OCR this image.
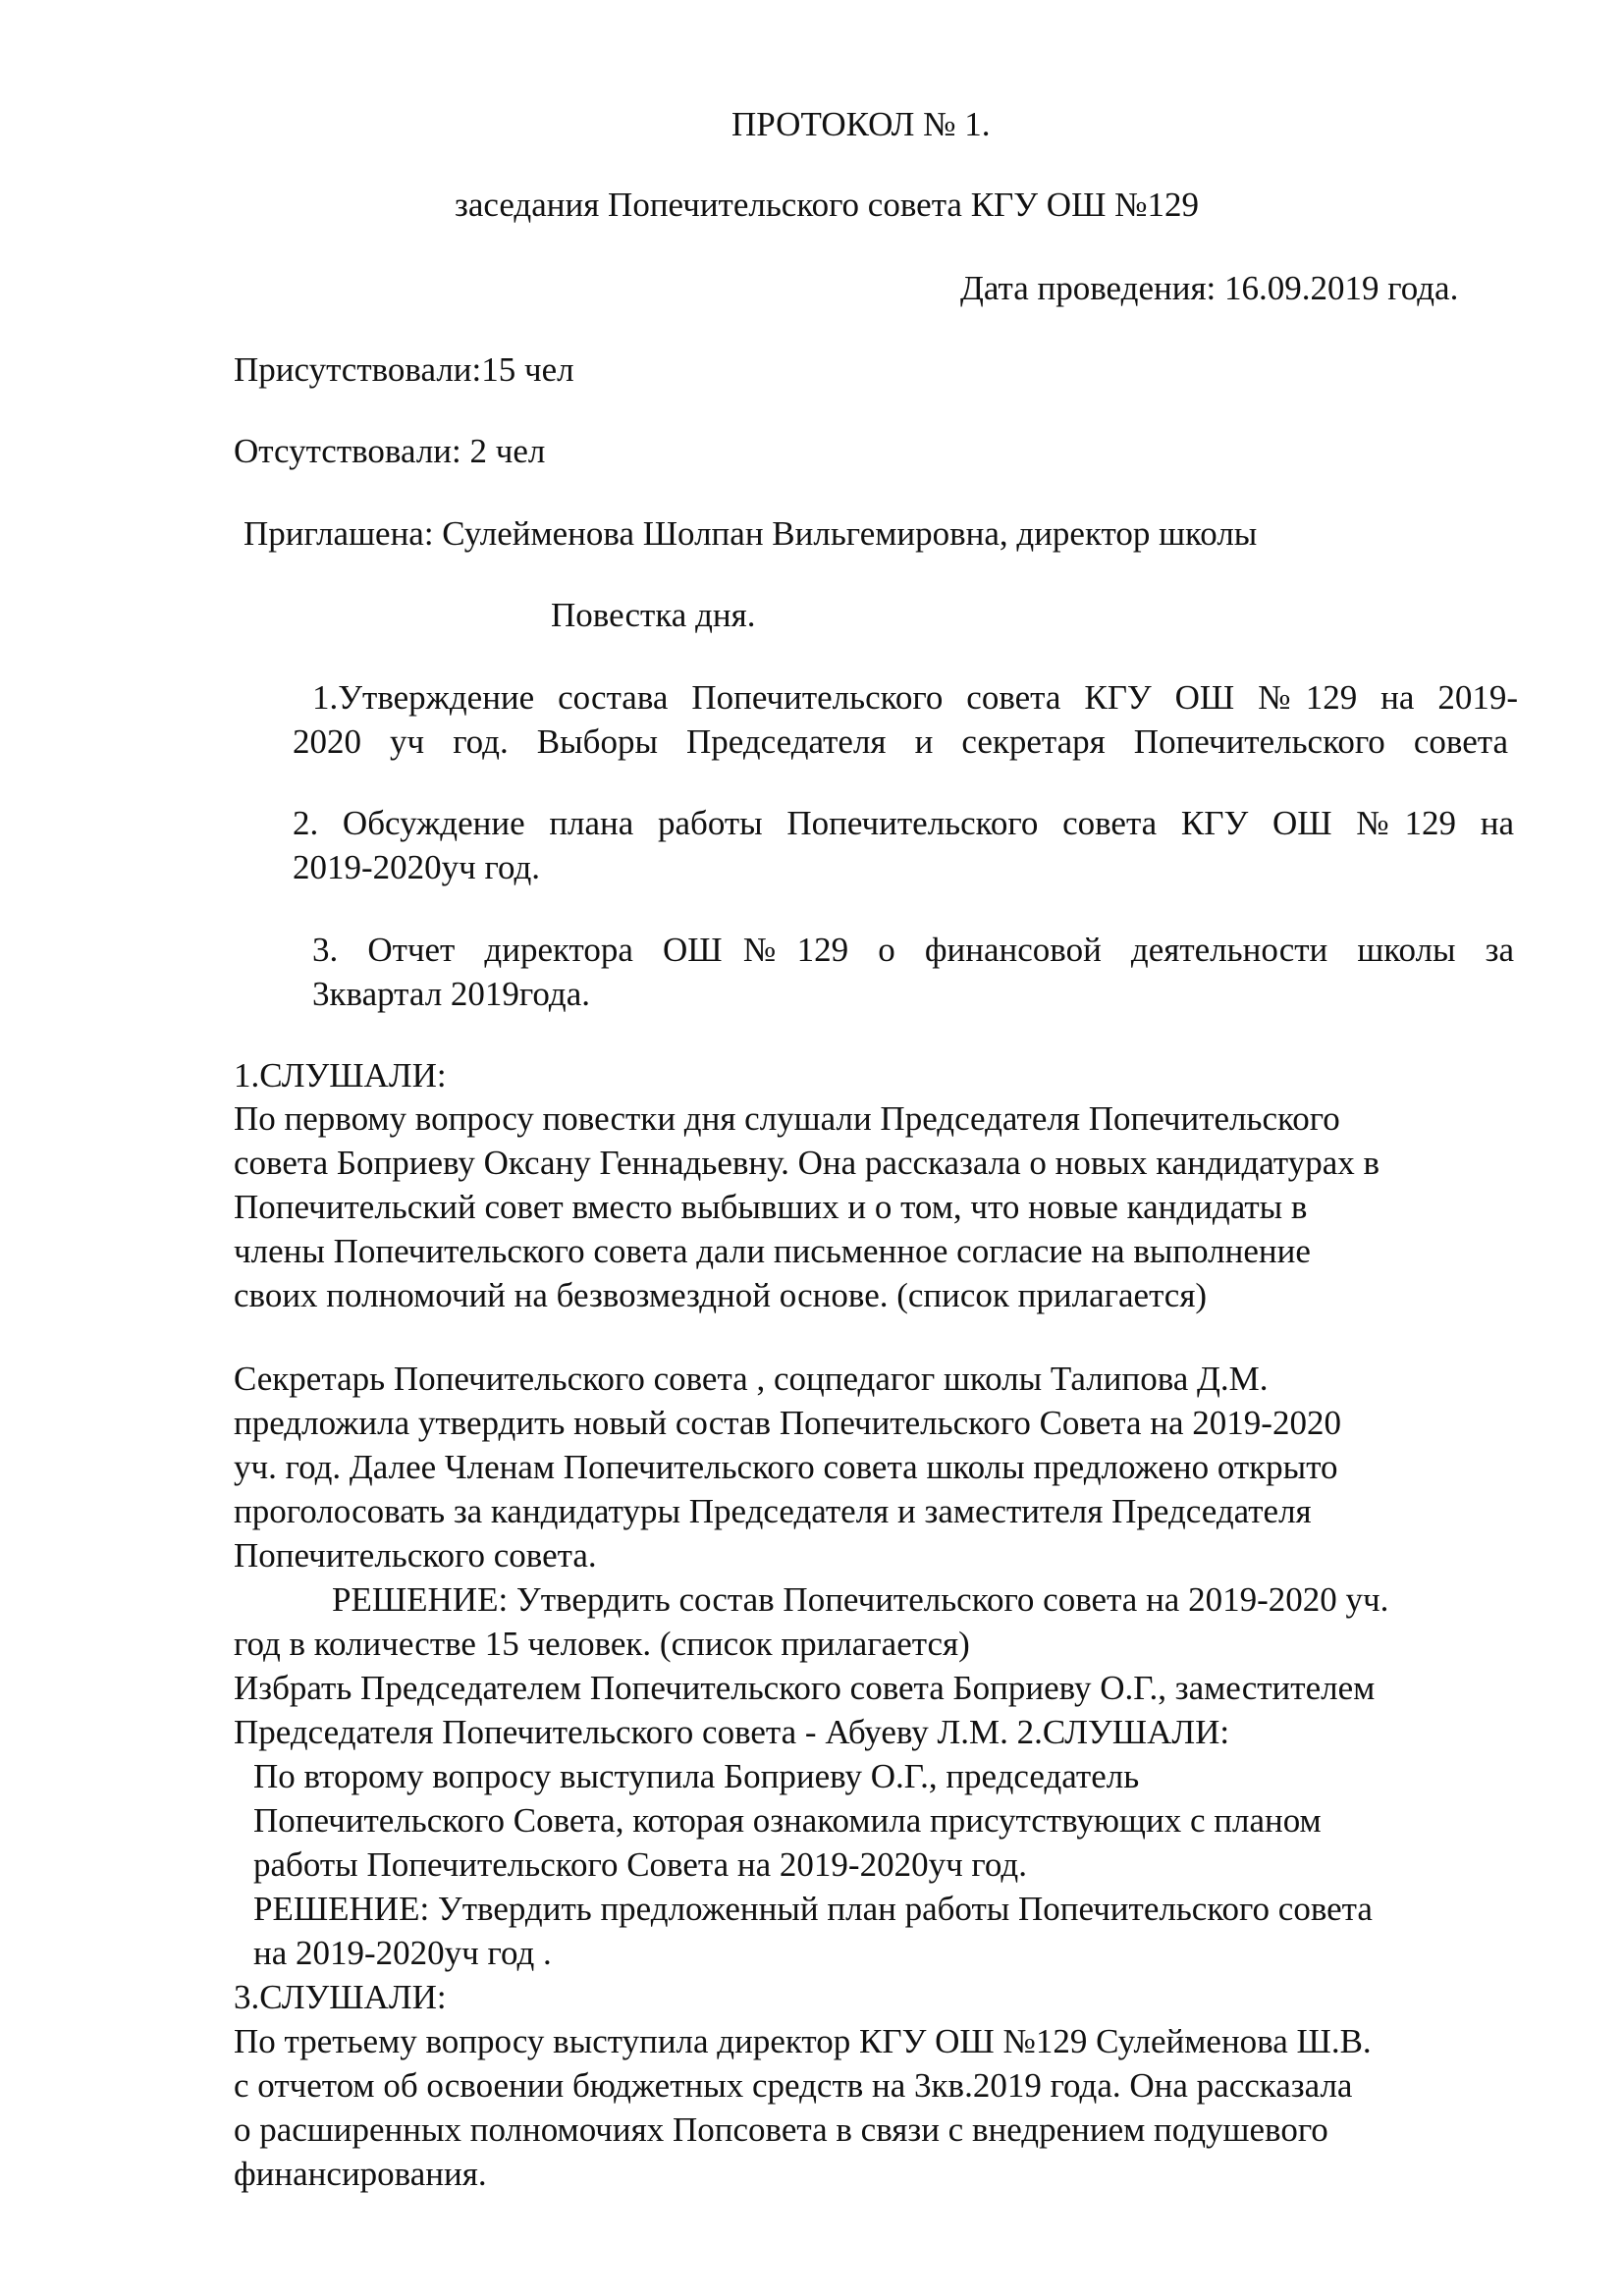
ПРОТОКОЛ № 1.
заседания Попечительского совета КГУ ОШ №129
Дата проведения: 16.09.2019 года.
Присутствовали:15 чел
Отсутствовали: 2 чел
Приглашена: Сулейменова Шолпан Вильгемировна, директор школы
Повестка дня.
1.Утверждение состава Попечительского совета КГУ ОШ №129 на 2019-
2020 уч год. Выборы Председателя и секретаря Попечительского совета
2. Обсуждение плана работы Попечительского совета КГУ ОШ №129 на
2019-2020уч год.
3. Отчет директора ОШ№129 о финансовой деятельности школы за
3квартал 2019года.
1.СЛУШАЛИ:
По первому вопросу повестки дня слушали Председателя Попечительского
совета Боприеву Оксану Геннадьевну. Она рассказала о новых кандидатурах в
Попечительский совет вместо выбывших и о том, что новые кандидаты в
члены Попечительского совета дали письменное согласие на выполнение
своих полномочий на безвозмездной основе. (список прилагается)
Секретарь Попечительского совета , соцпедагог школы Талипова Д.М.
предложила утвердить новый состав Попечительского Совета на 2019-2020
уч. год. Далее Членам Попечительского совета школы предложено открыто
проголосовать за кандидатуры Председателя и заместителя Председателя
Попечительского совета.
РЕШЕНИЕ: Утвердить состав Попечительского совета на 2019-2020 уч.
год в количестве 15 человек. (список прилагается)
Избрать Председателем Попечительского совета Боприеву О.Г., заместителем
Председателя Попечительского совета - Абуеву Л.М. 2.СЛУШАЛИ:
По второму вопросу выступила Боприеву О.Г., председатель
Попечительского Совета, которая ознакомила присутствующих с планом
работы Попечительского Совета на 2019-2020уч год.
РЕШЕНИЕ: Утвердить предложенный план работы Попечительского совета
на 2019-2020уч год .
3.СЛУШАЛИ:
По третьему вопросу выступила директор КГУ ОШ №129 Сулейменова Ш.В.
с отчетом об освоении бюджетных средств на 3кв.2019 года. Она рассказала
о расширенных полномочиях Попсовета в связи с внедрением подушевого
финансирования.
